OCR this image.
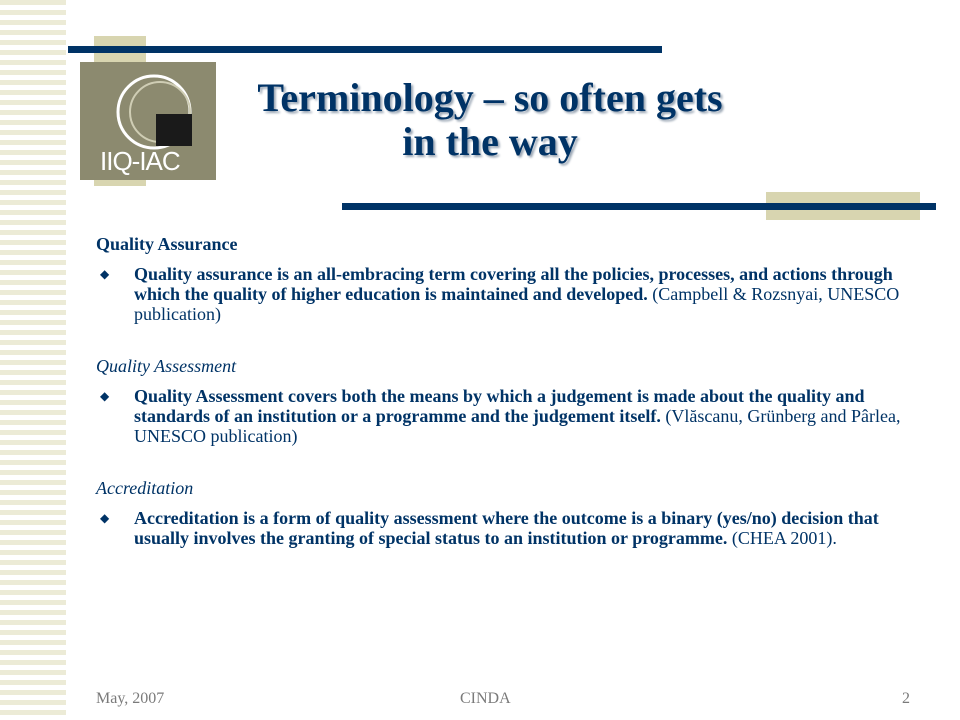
IIQ-IAC
Terminology – so often gets in the way
Quality Assurance
◆	Quality assurance is an all-embracing term covering all the policies, processes, and actions through which the quality of higher education is maintained and developed. (Campbell & Rozsnyai, UNESCO publication)
Quality Assessment
◆	Quality Assessment covers both the means by which a judgement is made about the quality and standards of an institution or a programme and the judgement itself. (Vlăscanu, Grünberg and Pârlea, UNESCO publication)
Accreditation
◆	Accreditation is a form of quality assessment where the outcome is a binary (yes/no) decision that usually involves the granting of special status to an institution or programme. (CHEA 2001).
May, 2007	CINDA	2
